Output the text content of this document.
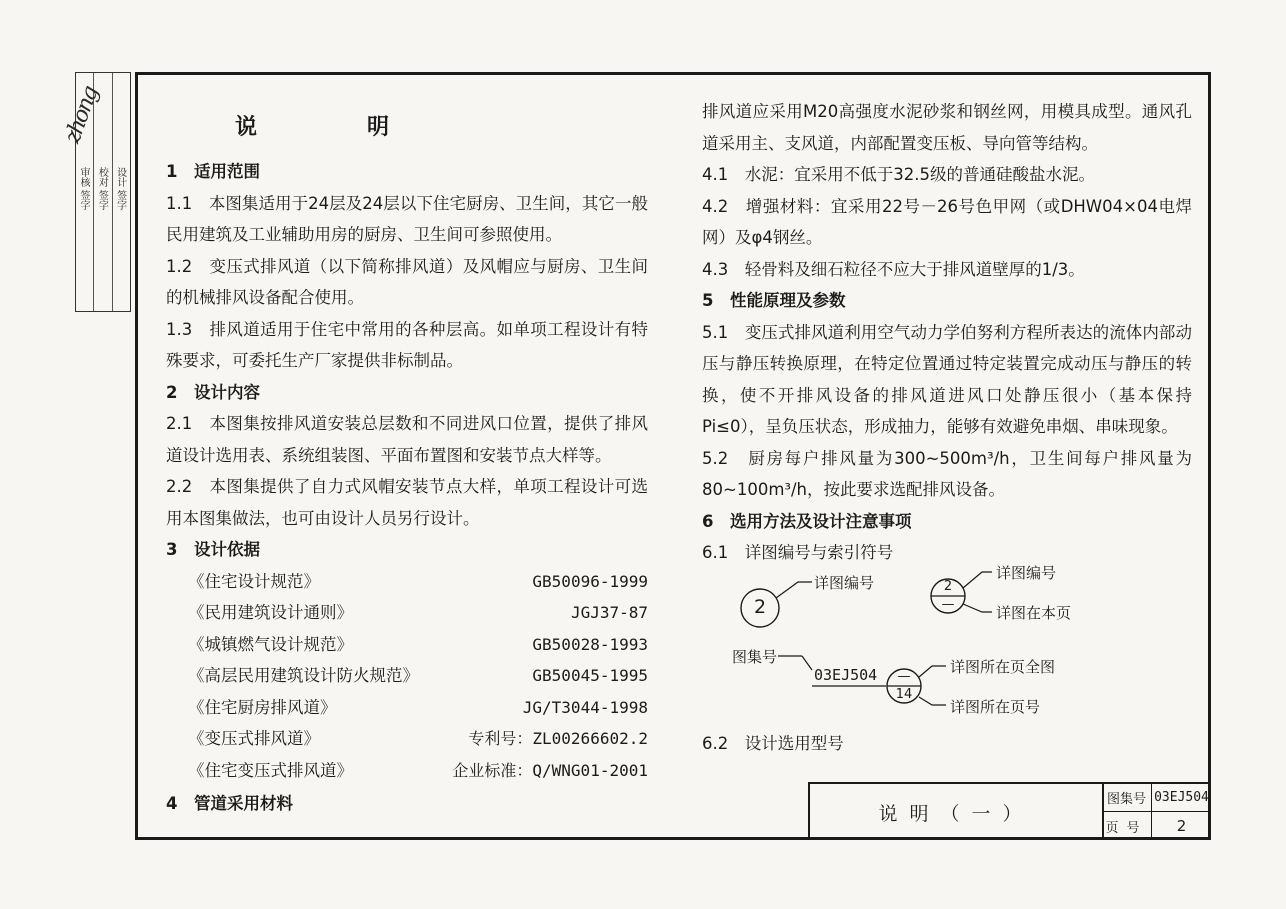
审核 签字 校对 签字 设计 签字
zhong	说明
1　适用范围
1.1　本图集适用于24层及24层以下住宅厨房、卫生间，其它一般民用建筑及工业辅助用房的厨房、卫生间可参照使用。
1.2　变压式排风道（以下简称排风道）及风帽应与厨房、卫生间的机械排风设备配合使用。
1.3　排风道适用于住宅中常用的各种层高。如单项工程设计有特殊要求，可委托生产厂家提供非标制品。
2　设计内容
2.1　本图集按排风道安装总层数和不同进风口位置，提供了排风道设计选用表、系统组装图、平面布置图和安装节点大样等。
2.2　本图集提供了自力式风帽安装节点大样，单项工程设计可选用本图集做法，也可由设计人员另行设计。
3　设计依据
《住宅设计规范》	GB50096-1999
《民用建筑设计通则》	JGJ37-87
《城镇燃气设计规范》	GB50028-1993
《高层民用建筑设计防火规范》	GB50045-1995
《住宅厨房排风道》	JG/T3044-1998
《变压式排风道》	专利号：ZL00266602.2
《住宅变压式排风道》	企业标准：Q/WNG01-2001
4　管道采用材料
排风道应采用M20高强度水泥砂浆和钢丝网，用模具成型。通风孔道采用主、支风道，内部配置变压板、导向管等结构。
4.1　水泥：宜采用不低于32.5级的普通硅酸盐水泥。
4.2　增强材料：宜采用22号－26号色甲网（或DHW04×04电焊网）及φ4钢丝。
4.3　轻骨料及细石粒径不应大于排风道壁厚的1/3。
5　性能原理及参数
5.1　变压式排风道利用空气动力学伯努利方程所表达的流体内部动压与静压转换原理，在特定位置通过特定装置完成动压与静压的转换，使不开排风设备的排风道进风口处静压很小（基本保持Pi≤0），呈负压状态，形成抽力，能够有效避免串烟、串味现象。
5.2　厨房每户排风量为300~500m³/h，卫生间每户排风量为80~100m³/h，按此要求选配排风设备。
6　选用方法及设计注意事项
6.1　详图编号与索引符号
2
详图编号	2
—
详图编号
详图在本页
图集号
03EJ504 —
14
详图所在页全图
详图所在页号
6.2　设计选用型号
说明（一）
图集号 03EJ504
页号	2
